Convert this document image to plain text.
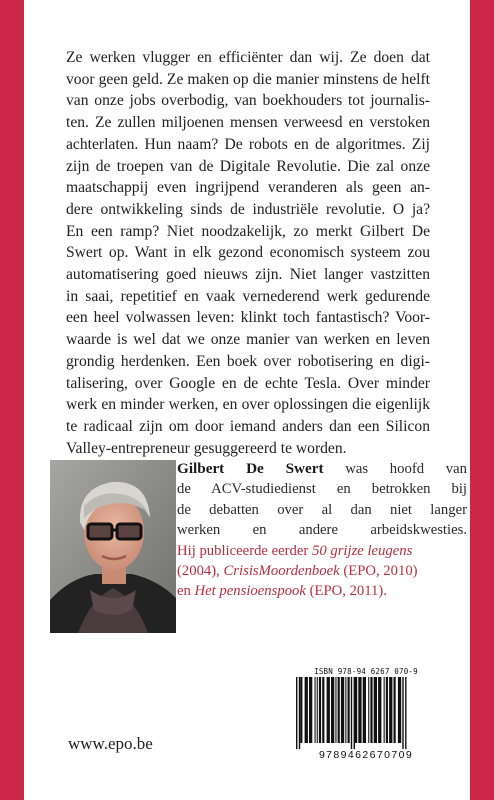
Ze werken vlugger en efficiënter dan wij. Ze doen dat
voor geen geld. Ze maken op die manier minstens de helft
van onze jobs overbodig, van boekhouders tot journalis-
ten. Ze zullen miljoenen mensen verweesd en verstoken
achterlaten. Hun naam? De robots en de algoritmes. Zij
zijn de troepen van de Digitale Revolutie. Die zal onze
maatschappij even ingrijpend veranderen als geen an-
dere ontwikkeling sinds de industriële revolutie. O ja?
En een ramp? Niet noodzakelijk, zo merkt Gilbert De
Swert op. Want in elk gezond economisch systeem zou
automatisering goed nieuws zijn. Niet langer vastzitten
in saai, repetitief en vaak vernederend werk gedurende
een heel volwassen leven: klinkt toch fantastisch? Voor-
waarde is wel dat we onze manier van werken en leven
grondig herdenken. Een boek over robotisering en digi-
talisering, over Google en de echte Tesla. Over minder
werk en minder werken, en over oplossingen die eigenlijk
te radicaal zijn om door iemand anders dan een Silicon
Valley-entrepreneur gesuggereerd te worden.
Gilbert De Swert was hoofd van
de ACV-studiedienst en betrokken bij
de debatten over al dan niet langer
werken en andere arbeidskwesties.
Hij publiceerde eerder 50 grijze leugens
(2004), CrisisMoordenboek (EPO, 2010)
en Het pensioenspook (EPO, 2011).
www.epo.be
ISBN 978-94 6267 070-9
9789462670709
